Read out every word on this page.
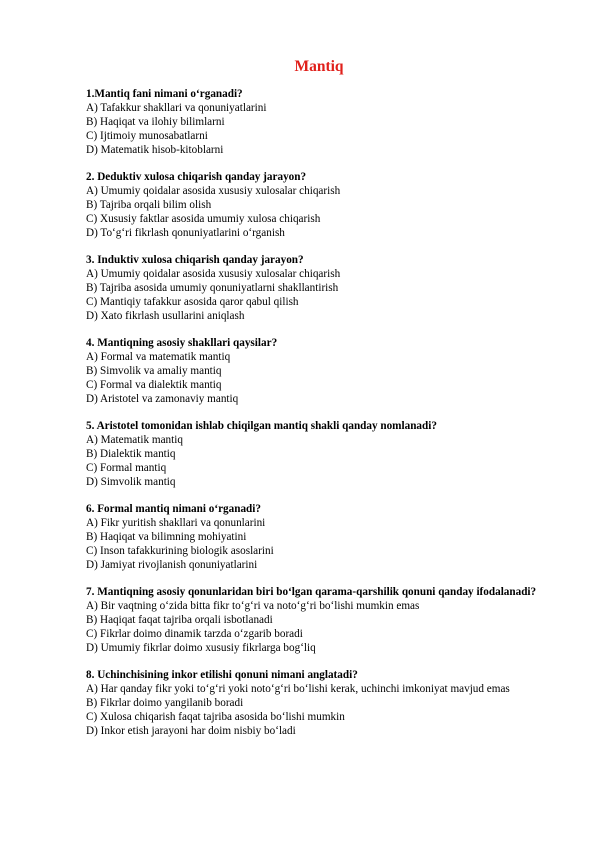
Mantiq
1.Mantiq fani nimani o‘rganadi?
A) Tafakkur shakllari va qonuniyatlarini
B) Haqiqat va ilohiy bilimlarni
C) Ijtimoiy munosabatlarni
D) Matematik hisob-kitoblarni
2. Deduktiv xulosa chiqarish qanday jarayon?
A) Umumiy qoidalar asosida xususiy xulosalar chiqarish
B) Tajriba orqali bilim olish
C) Xususiy faktlar asosida umumiy xulosa chiqarish
D) To‘g‘ri fikrlash qonuniyatlarini o‘rganish
3. Induktiv xulosa chiqarish qanday jarayon?
A) Umumiy qoidalar asosida xususiy xulosalar chiqarish
B) Tajriba asosida umumiy qonuniyatlarni shakllantirish
C) Mantiqiy tafakkur asosida qaror qabul qilish
D) Xato fikrlash usullarini aniqlash
4. Mantiqning asosiy shakllari qaysilar?
A) Formal va matematik mantiq
B) Simvolik va amaliy mantiq
C) Formal va dialektik mantiq
D) Aristotel va zamonaviy mantiq
5. Aristotel tomonidan ishlab chiqilgan mantiq shakli qanday nomlanadi?
A) Matematik mantiq
B) Dialektik mantiq
C) Formal mantiq
D) Simvolik mantiq
6. Formal mantiq nimani o‘rganadi?
A) Fikr yuritish shakllari va qonunlarini
B) Haqiqat va bilimning mohiyatini
C) Inson tafakkurining biologik asoslarini
D) Jamiyat rivojlanish qonuniyatlarini
7. Mantiqning asosiy qonunlaridan biri bo‘lgan qarama-qarshilik qonuni qanday ifodalanadi?
A) Bir vaqtning o‘zida bitta fikr to‘g‘ri va noto‘g‘ri bo‘lishi mumkin emas
B) Haqiqat faqat tajriba orqali isbotlanadi
C) Fikrlar doimo dinamik tarzda o‘zgarib boradi
D) Umumiy fikrlar doimo xususiy fikrlarga bog‘liq
8. Uchinchisining inkor etilishi qonuni nimani anglatadi?
A) Har qanday fikr yoki to‘g‘ri yoki noto‘g‘ri bo‘lishi kerak, uchinchi imkoniyat mavjud emas
B) Fikrlar doimo yangilanib boradi
C) Xulosa chiqarish faqat tajriba asosida bo‘lishi mumkin
D) Inkor etish jarayoni har doim nisbiy bo‘ladi
